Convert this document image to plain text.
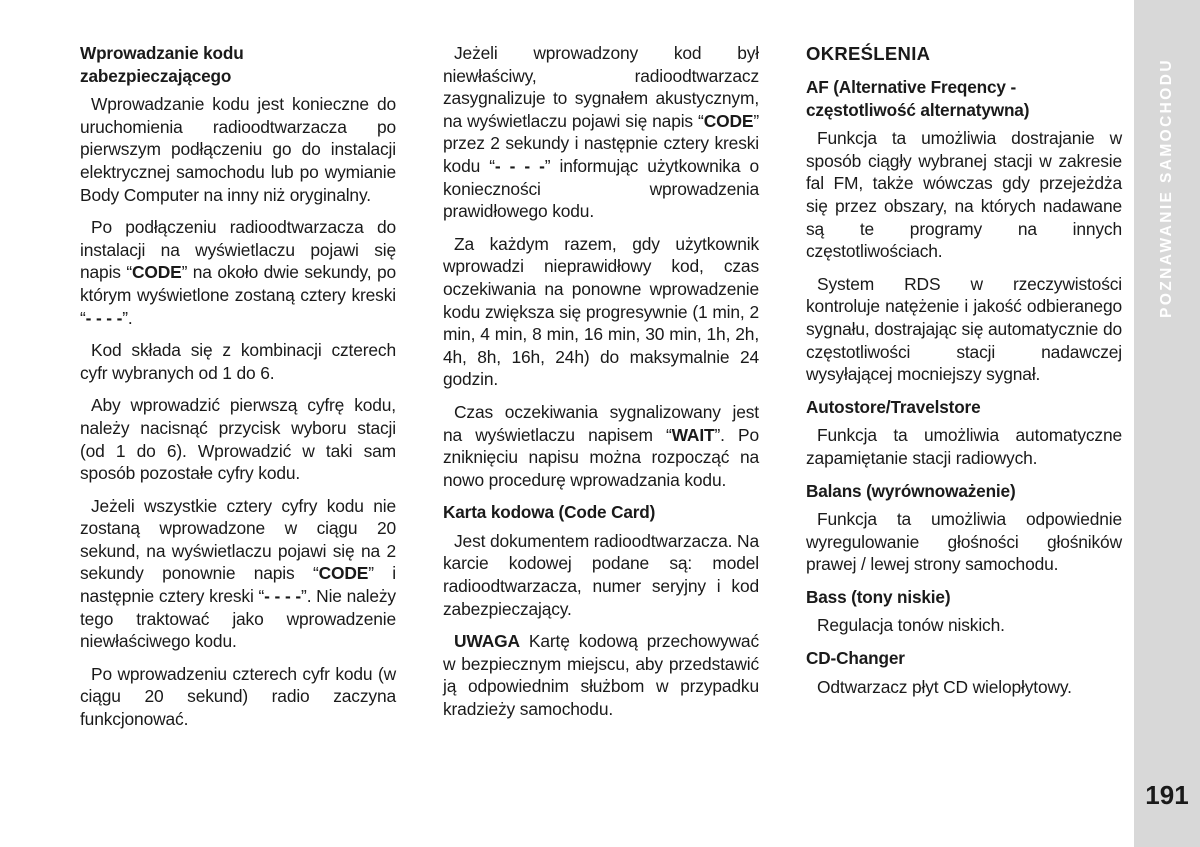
Wprowadzanie kodu zabezpieczającego

Wprowadzanie kodu jest konieczne do uruchomienia radioodtwarzacza po pierwszym podłączeniu go do instalacji elektrycznej samochodu lub po wymianie Body Computer na inny niż oryginalny.

Po podłączeniu radioodtwarzacza do instalacji na wyświetlaczu pojawi się napis “CODE” na około dwie sekundy, po którym wyświetlone zostaną cztery kreski “- - - -”.

Kod składa się z kombinacji czterech cyfr wybranych od 1 do 6.

Aby wprowadzić pierwszą cyfrę kodu, należy nacisnąć przycisk wyboru stacji (od 1 do 6). Wprowadzić w taki sam sposób pozostałe cyfry kodu.

Jeżeli wszystkie cztery cyfry kodu nie zostaną wprowadzone w ciągu 20 sekund, na wyświetlaczu pojawi się na 2 sekundy ponownie napis “CODE” i następnie cztery kreski “- - - -”. Nie należy tego traktować jako wprowadzenie niewłaściwego kodu.

Po wprowadzeniu czterech cyfr kodu (w ciągu 20 sekund) radio zaczyna funkcjonować.

Jeżeli wprowadzony kod był niewłaściwy, radioodtwarzacz zasygnalizuje to sygnałem akustycznym, na wyświetlaczu pojawi się napis “CODE” przez 2 sekundy i następnie cztery kreski kodu “- - - -” informując użytkownika o konieczności wprowadzenia prawidłowego kodu.

Za każdym razem, gdy użytkownik wprowadzi nieprawidłowy kod, czas oczekiwania na ponowne wprowadzenie kodu zwiększa się progresywnie (1 min, 2 min, 4 min, 8 min, 16 min, 30 min, 1h, 2h, 4h, 8h, 16h, 24h) do maksymalnie 24 godzin.

Czas oczekiwania sygnalizowany jest na wyświetlaczu napisem “WAIT”. Po zniknięciu napisu można rozpocząć na nowo procedurę wprowadzania kodu.

Karta kodowa (Code Card)

Jest dokumentem radioodtwarzacza. Na karcie kodowej podane są: model radioodtwarzacza, numer seryjny i kod zabezpieczający.

UWAGA Kartę kodową przechowywać w bezpiecznym miejscu, aby przedstawić ją odpowiednim służbom w przypadku kradzieży samochodu.

OKREŚLENIA
AF (Alternative Freqency - częstotliwość alternatywna)

Funkcja ta umożliwia dostrajanie w sposób ciągły wybranej stacji w zakresie fal FM, także wówczas gdy przejeżdża się przez obszary, na których nadawane są te programy na innych częstotliwościach.

System RDS w rzeczywistości kontroluje natężenie i jakość odbieranego sygnału, dostrajając się automatycznie do częstotliwości stacji nadawczej wysyłającej mocniejszy sygnał.

Autostore/Travelstore

Funkcja ta umożliwia automatyczne zapamiętanie stacji radiowych.

Balans (wyrównoważenie)

Funkcja ta umożliwia odpowiednie wyregulowanie głośności głośników prawej / lewej strony samochodu.

Bass (tony niskie)

Regulacja tonów niskich.

CD-Changer

Odtwarzacz płyt CD wielopłytowy.

POZNAWANIE SAMOCHODU
191
